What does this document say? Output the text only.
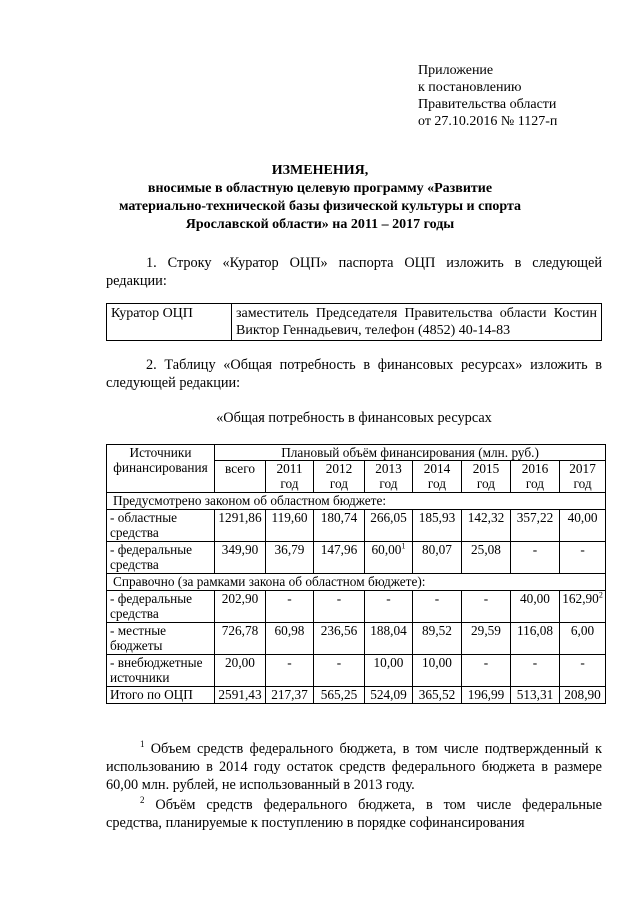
Приложение
к постановлению
Правительства области
от 27.10.2016 № 1127-п
ИЗМЕНЕНИЯ,
вносимые в областную целевую программу «Развитие
материально-технической базы физической культуры и спорта
Ярославской области» на 2011 – 2017 годы
1. Строку «Куратор ОЦП» паспорта ОЦП изложить в следующей редакции:
Куратор ОЦП	заместитель Председателя Правительства области Костин Виктор Геннадьевич, телефон (4852) 40-14-83
2. Таблицу «Общая потребность в финансовых ресурсах» изложить в следующей редакции:
«Общая потребность в финансовых ресурсах
Источники финансирования	Плановый объём финансирования (млн. руб.)							
	всего	2011 год	2012 год	2013 год	2014 год	2015 год	2016 год	2017 год
Предусмотрено законом об областном бюджете:								
- областные средства	1291,86	119,60	180,74	266,05	185,93	142,32	357,22	40,00
- федеральные средства	349,90	36,79	147,96	60,00$^1$	80,07	25,08	-	-
Справочно (за рамками закона об областном бюджете):								
- федеральные средства	202,90	-	-	-	-	-	40,00	162,90$^2$
- местные бюджеты	726,78	60,98	236,56	188,04	89,52	29,59	116,08	6,00
- внебюджетные источники	20,00	-	-	10,00	10,00	-	-	-
Итого по ОЦП	2591,43	217,37	565,25	524,09	365,52	196,99	513,31	208,90
$^1$ Объем средств федерального бюджета, в том числе подтвержденный к использованию в 2014 году остаток средств федерального бюджета в размере 60,00 млн. рублей, не использованный в 2013 году.
$^2$ Объём средств федерального бюджета, в том числе федеральные средства, планируемые к поступлению в порядке софинансирования
